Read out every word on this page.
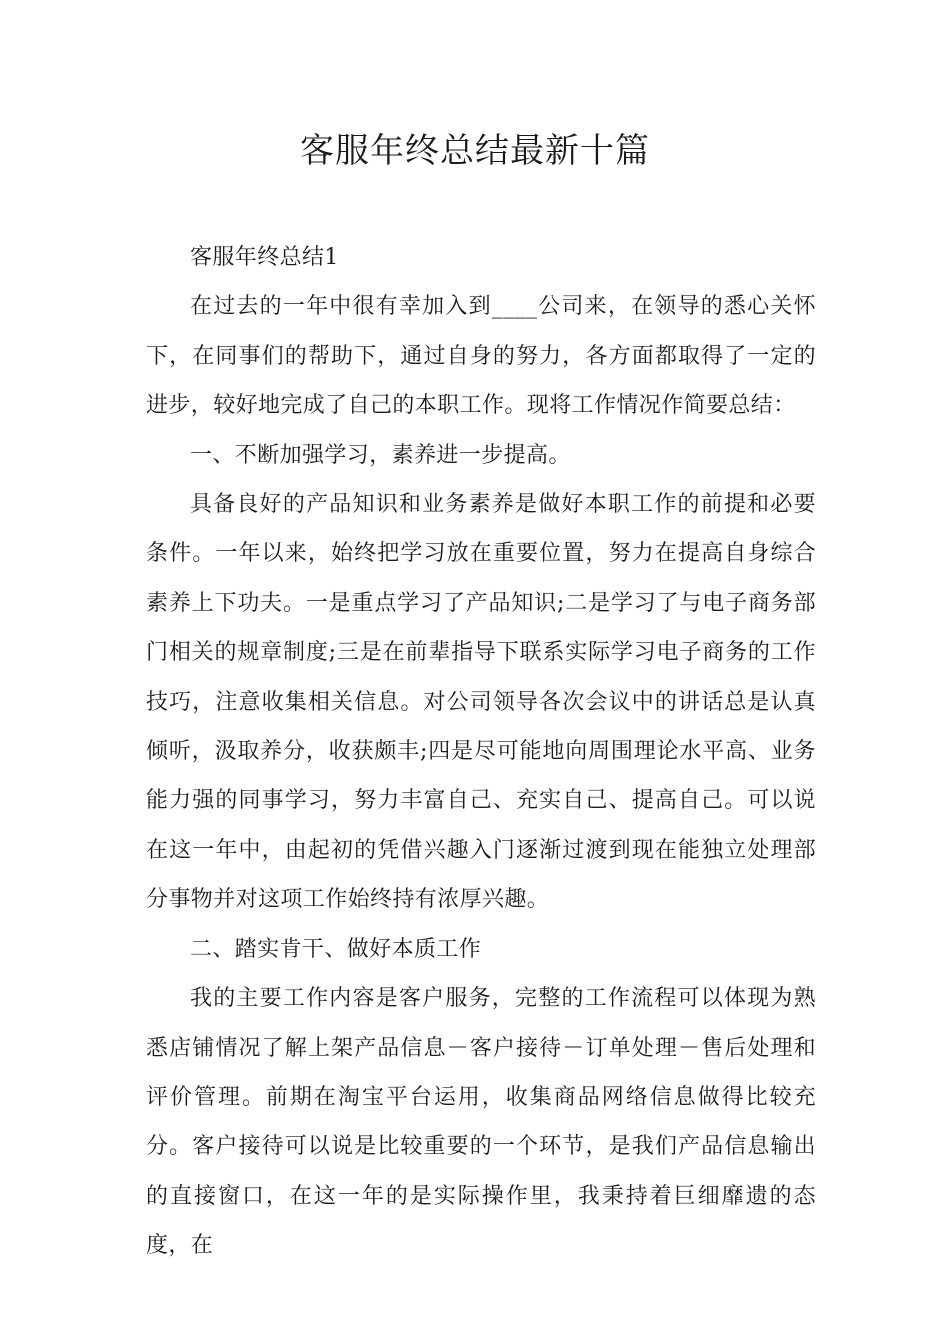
客服年终总结最新十篇

客服年终总结1

在过去的一年中很有幸加入到____公司来，在领导的悉心关怀下，在同事们的帮助下，通过自身的努力，各方面都取得了一定的进步，较好地完成了自己的本职工作。现将工作情况作简要总结：

一、不断加强学习，素养进一步提高。

具备良好的产品知识和业务素养是做好本职工作的前提和必要条件。一年以来，始终把学习放在重要位置，努力在提高自身综合素养上下功夫。一是重点学习了产品知识;二是学习了与电子商务部门相关的规章制度;三是在前辈指导下联系实际学习电子商务的工作技巧，注意收集相关信息。对公司领导各次会议中的讲话总是认真倾听，汲取养分，收获颇丰;四是尽可能地向周围理论水平高、业务能力强的同事学习，努力丰富自己、充实自己、提高自己。可以说在这一年中，由起初的凭借兴趣入门逐渐过渡到现在能独立处理部分事物并对这项工作始终持有浓厚兴趣。

二、踏实肯干、做好本质工作

我的主要工作内容是客户服务，完整的工作流程可以体现为熟悉店铺情况了解上架产品信息－客户接待－订单处理－售后处理和评价管理。前期在淘宝平台运用，收集商品网络信息做得比较充分。客户接待可以说是比较重要的一个环节，是我们产品信息输出的直接窗口，在这一年的是实际操作里，我秉持着巨细靡遗的态度，在
